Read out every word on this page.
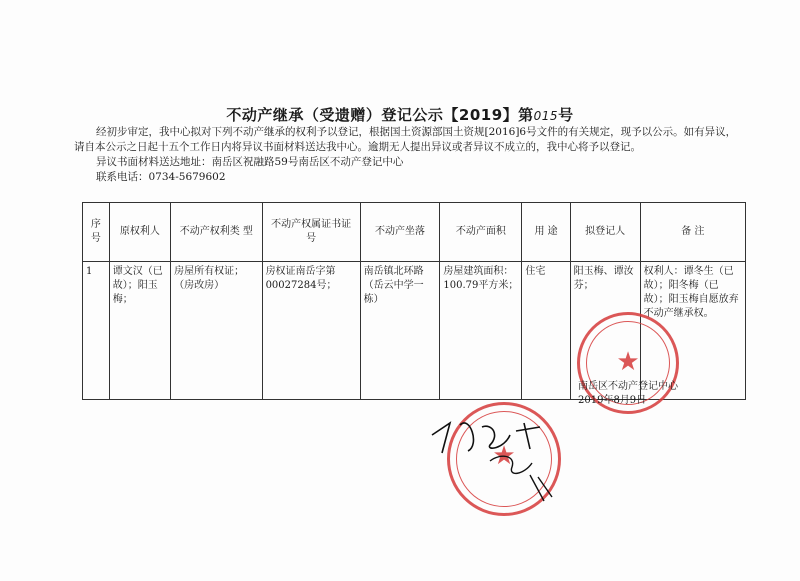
不动产继承（受遗赠）登记公示【2019】第015号

经初步审定，我中心拟对下列不动产继承的权利予以登记，根据国土资源部国土资规[2016]6号文件的有关规定，现予以公示。如有异议，请自本公示之日起十五个工作日内将异议书面材料送达我中心。逾期无人提出异议或者异议不成立的，我中心将予以登记。

异议书面材料送达地址：南岳区祝融路59号南岳区不动产登记中心

联系电话：0734-5679602

序号	原权利人	不动产权利类 型	不动产权属证书证 号	不动产坐落	不动产面积	用 途	拟登记人	备 注
1	谭文汉（已故）；阳玉梅；	房屋所有权证；（房改房）	房权证南岳字第00027284号；	南岳镇北环路（岳云中学一栋）	房屋建筑面积：100.79平方米；	住宅	阳玉梅、谭汝芬；	权利人：谭冬生（已故）；阳冬梅（已故）；阳玉梅自愿放弃不动产继承权。
★
南岳区不动产登记中心
2019年8月9日
★
